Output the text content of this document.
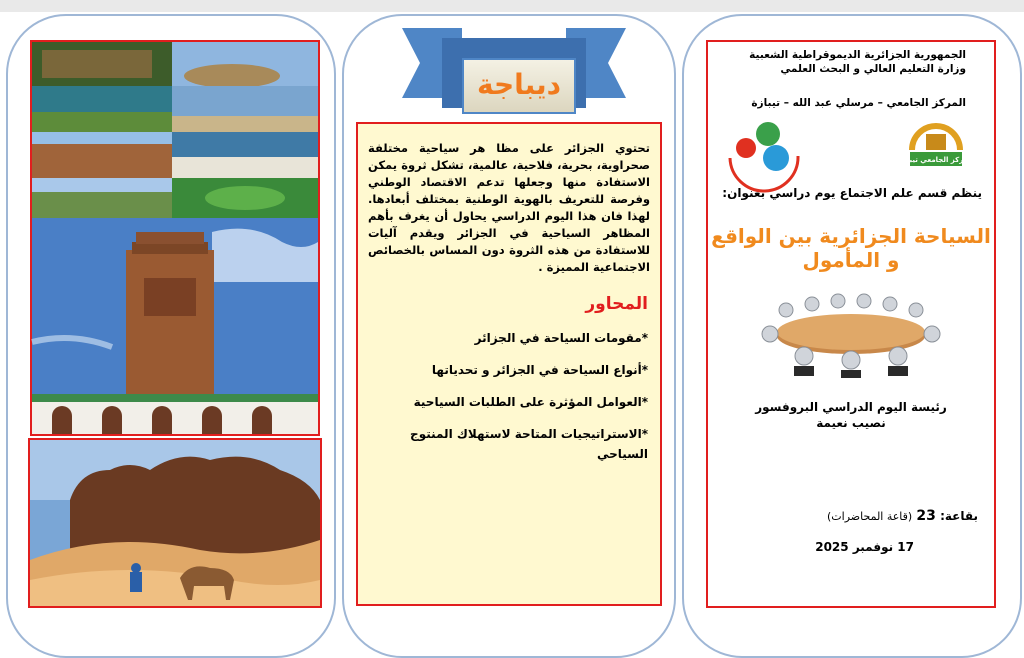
ديباجة
تحتوي الجزائر على مظا هر سياحية مختلفة صحراوية، بحرية، فلاحية، عالمية، تشكل ثروة يمكن الاستفادة منها وجعلها تدعم الاقتصاد الوطني وفرصة للتعريف بالهوية الوطنية بمختلف أبعادها. لهذا فان هذا اليوم الدراسي يحاول أن يغرف بأهم المظاهر السياحية في الجزائر ويقدم آليات للاستفادة من هذه الثروة دون المساس بالخصائص الاجتماعية المميزة .
المحاور
*مقومات السياحة في الجزائر
*أنواع السياحة في الجزائر و تحدياتها
*العوامل المؤثرة على الطلبات السياحية
*الاستراتيجيات المتاحة لاستهلاك المنتوج السياحي
الجمهورية الجزائرية الديموقراطية الشعبية
وزارة التعليم العالي و البحث العلمي
المركز الجامعي – مرسلي عبد الله – تيبازة
المركز الجامعي تيبازة
ينظم قسم علم الاجتماع يوم دراسي بعنوان:
السياحة الجزائرية بين الواقع و المأمول
رئيسة اليوم الدراسي البروفسور
نصيب نعيمة
بقاعة: 23 (قاعة المحاضرات)
17 نوفمبر 2025
